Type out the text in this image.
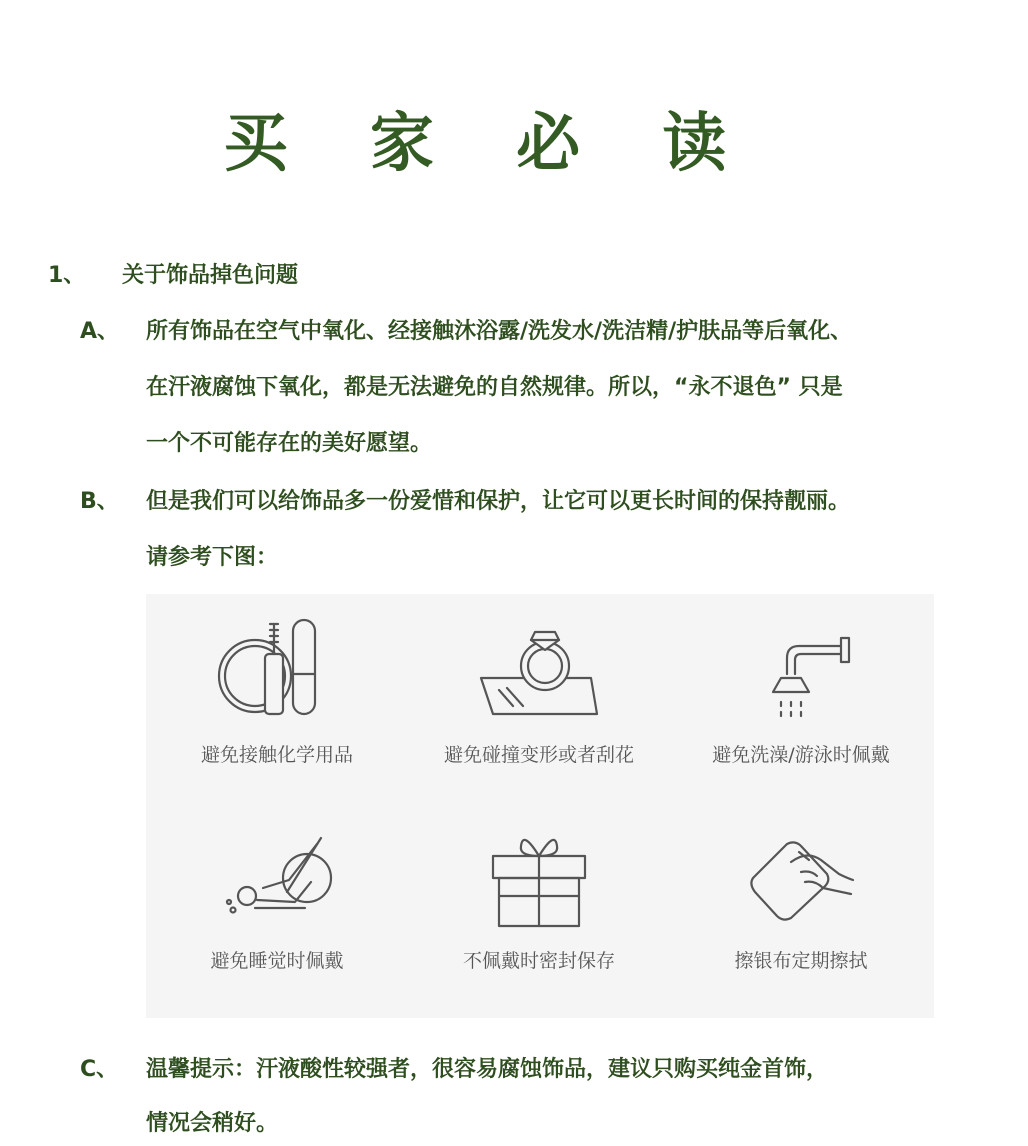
买 家 必 读
1、 关于饰品掉色问题
A、 所有饰品在空气中氧化、经接触沐浴露/洗发水/洗洁精/护肤品等后氧化、
在汗液腐蚀下氧化，都是无法避免的自然规律。所以，“永不退色” 只是
一个不可能存在的美好愿望。
B、 但是我们可以给饰品多一份爱惜和保护，让它可以更长时间的保持靓丽。
请参考下图：
避免接触化学用品	避免碰撞变形或者刮花	避免洗澡/游泳时佩戴
避免睡觉时佩戴	不佩戴时密封保存	擦银布定期擦拭
C、 温馨提示：汗液酸性较强者，很容易腐蚀饰品，建议只购买纯金首饰，
情况会稍好。
